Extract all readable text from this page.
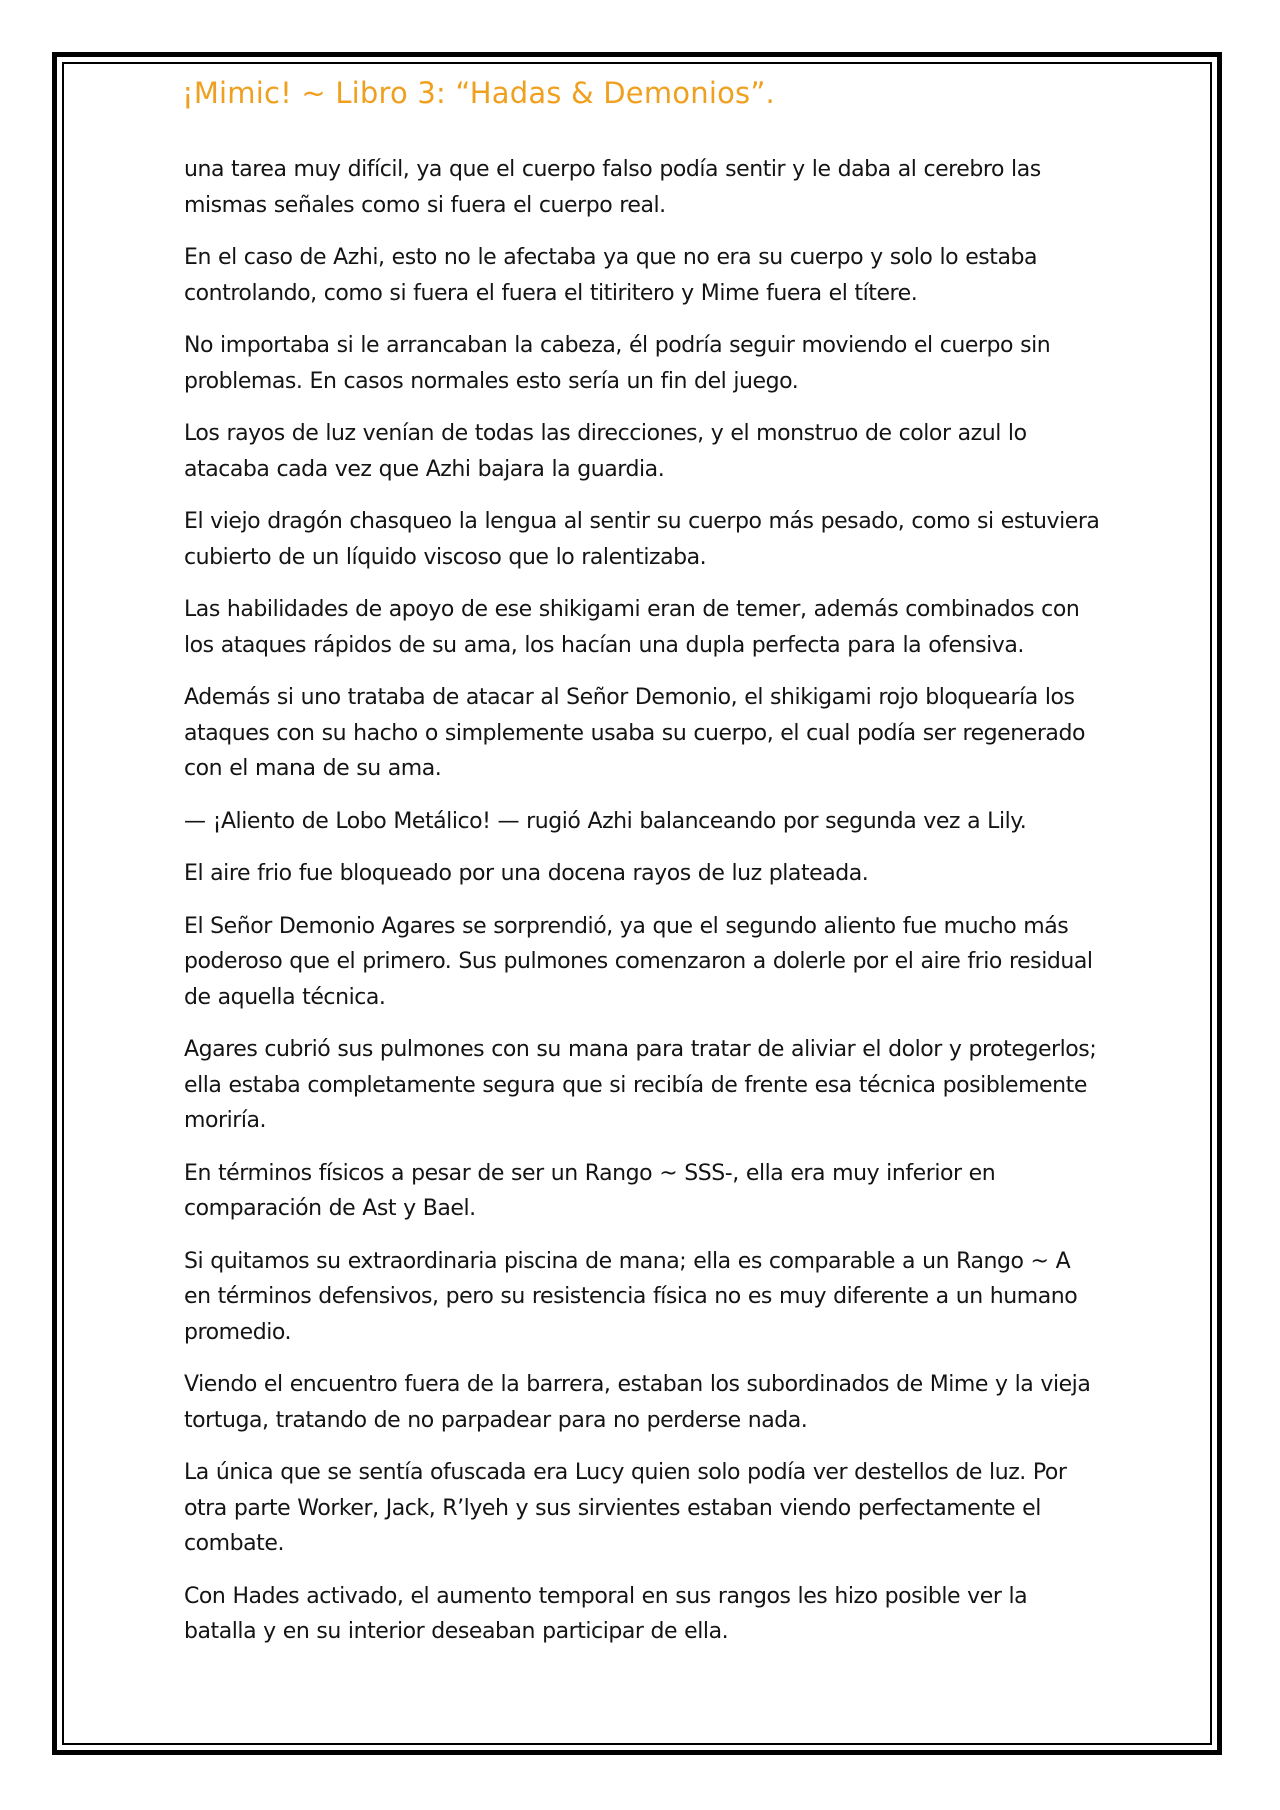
¡Mimic! ~ Libro 3: “Hadas & Demonios”.

una tarea muy difícil, ya que el cuerpo falso podía sentir y le daba al cerebro las mismas señales como si fuera el cuerpo real.

En el caso de Azhi, esto no le afectaba ya que no era su cuerpo y solo lo estaba controlando, como si fuera el fuera el titiritero y Mime fuera el títere.

No importaba si le arrancaban la cabeza, él podría seguir moviendo el cuerpo sin problemas. En casos normales esto sería un fin del juego.

Los rayos de luz venían de todas las direcciones, y el monstruo de color azul lo atacaba cada vez que Azhi bajara la guardia.

El viejo dragón chasqueo la lengua al sentir su cuerpo más pesado, como si estuviera cubierto de un líquido viscoso que lo ralentizaba.

Las habilidades de apoyo de ese shikigami eran de temer, además combinados con los ataques rápidos de su ama, los hacían una dupla perfecta para la ofensiva.

Además si uno trataba de atacar al Señor Demonio, el shikigami rojo bloquearía los ataques con su hacho o simplemente usaba su cuerpo, el cual podía ser regenerado con el mana de su ama.

— ¡Aliento de Lobo Metálico! — rugió Azhi balanceando por segunda vez a Lily.

El aire frio fue bloqueado por una docena rayos de luz plateada.

El Señor Demonio Agares se sorprendió, ya que el segundo aliento fue mucho más poderoso que el primero. Sus pulmones comenzaron a dolerle por el aire frio residual de aquella técnica.

Agares cubrió sus pulmones con su mana para tratar de aliviar el dolor y protegerlos; ella estaba completamente segura que si recibía de frente esa técnica posiblemente moriría.

En términos físicos a pesar de ser un Rango ~ SSS-, ella era muy inferior en comparación de Ast y Bael.

Si quitamos su extraordinaria piscina de mana; ella es comparable a un Rango ~ A en términos defensivos, pero su resistencia física no es muy diferente a un humano promedio.

Viendo el encuentro fuera de la barrera, estaban los subordinados de Mime y la vieja tortuga, tratando de no parpadear para no perderse nada.

La única que se sentía ofuscada era Lucy quien solo podía ver destellos de luz. Por otra parte Worker, Jack, R’lyeh y sus sirvientes estaban viendo perfectamente el combate.

Con Hades activado, el aumento temporal en sus rangos les hizo posible ver la batalla y en su interior deseaban participar de ella.
